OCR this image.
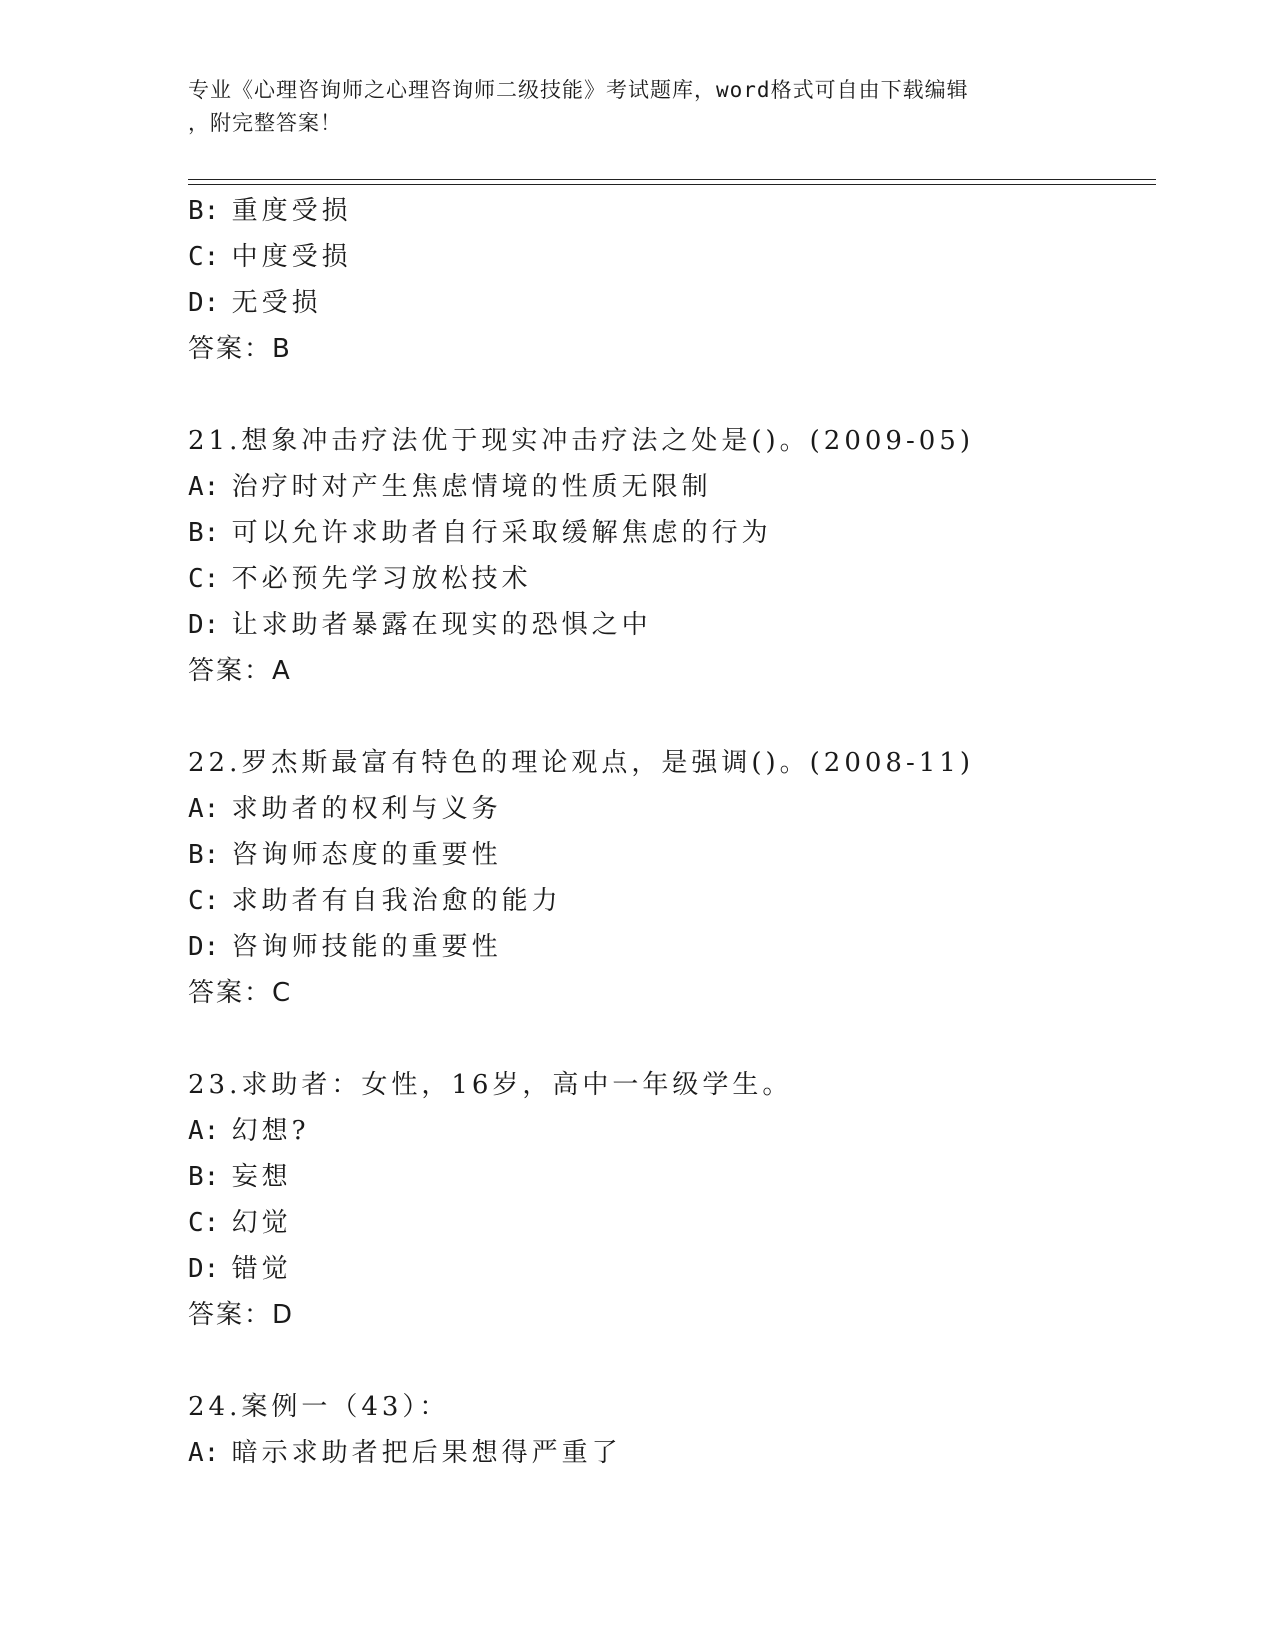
专业《心理咨询师之心理咨询师二级技能》考试题库，word格式可自由下载编辑
，附完整答案！
B: 重度受损
C: 中度受损
D: 无受损
答案：B
21.想象冲击疗法优于现实冲击疗法之处是()。(2009-05)
A: 治疗时对产生焦虑情境的性质无限制
B: 可以允许求助者自行采取缓解焦虑的行为
C: 不必预先学习放松技术
D: 让求助者暴露在现实的恐惧之中
答案：A
22.罗杰斯最富有特色的理论观点，是强调()。(2008-11)
A: 求助者的权利与义务
B: 咨询师态度的重要性
C: 求助者有自我治愈的能力
D: 咨询师技能的重要性
答案：C
23.求助者：女性，16岁，高中一年级学生。
A: 幻想?
B: 妄想
C: 幻觉
D: 错觉
答案：D
24.案例一（43）：
A: 暗示求助者把后果想得严重了
